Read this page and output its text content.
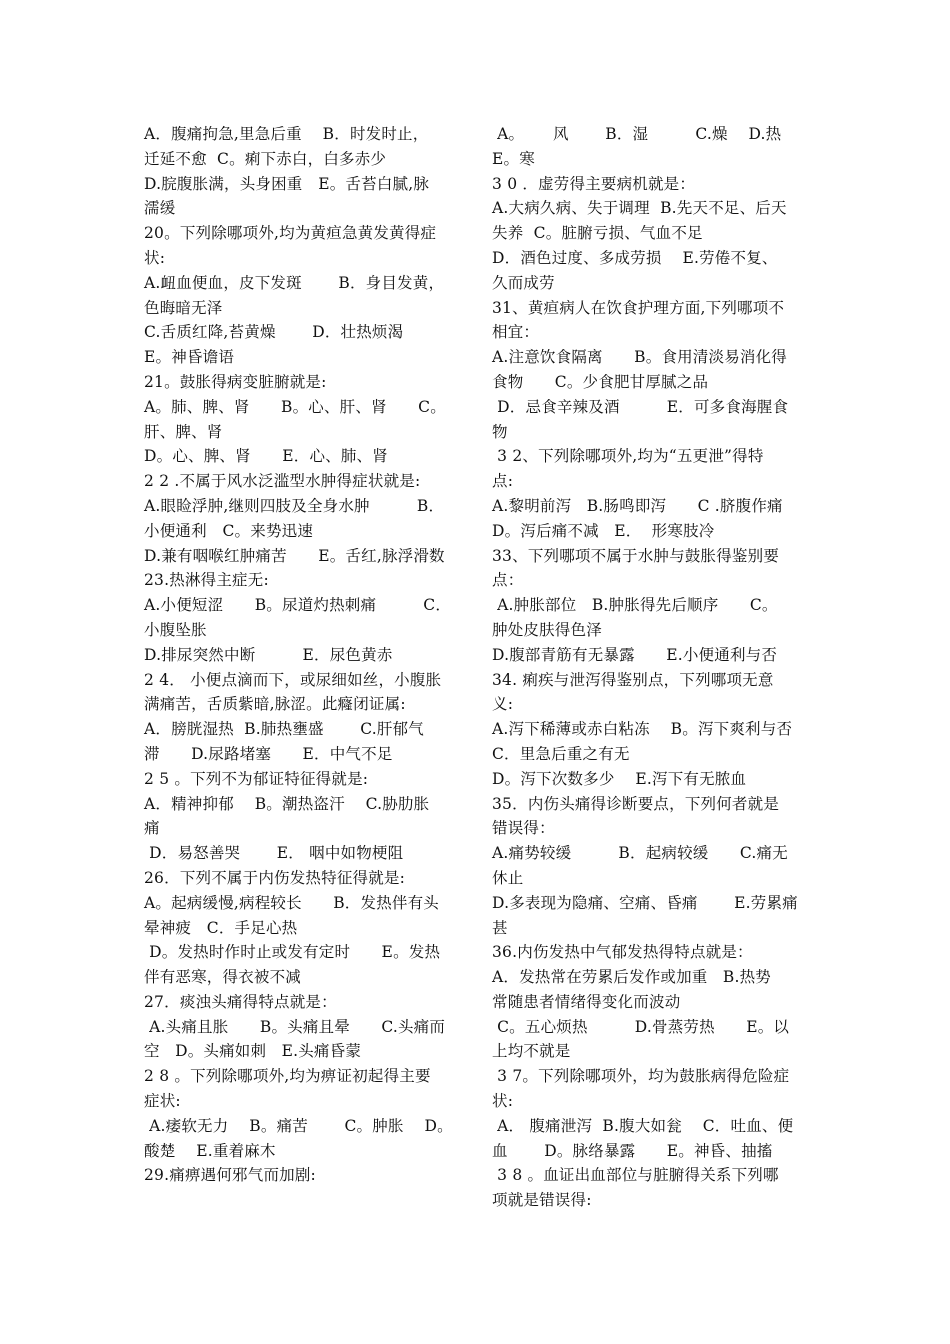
A．腹痛拘急,里急后重　 B．时发时止，
迁延不愈  C。痢下赤白，白多赤少
D.脘腹胀满，头身困重　E。舌苔白腻,脉
濡缓
20。下列除哪项外,均为黄疸急黄发黄得症
状:
A.衄血便血，皮下发斑　　 B．身目发黄，
色晦暗无泽
C.舌质红降,苔黄燥　　 D．壮热烦渴
E。神昏谵语
21。鼓胀得病变脏腑就是:
A。肺、脾、肾　　B。心、肝、肾　　C。
肝、脾、肾
D。心、脾、肾　　E．心、肺、肾
2 2 .不属于风水泛滥型水肿得症状就是:
A.眼睑浮肿,继则四肢及全身水肿　　　B．
小便通利　C。来势迅速
D.兼有咽喉红肿痛苦　　E。舌红,脉浮滑数
23.热淋得主症无:
A.小便短涩　　B。尿道灼热刺痛　　　C．
小腹坠胀
D.排尿突然中断　　　E．尿色黄赤
2 4． 小便点滴而下，或尿细如丝，小腹胀
满痛苦，舌质紫暗,脉涩。此癃闭证属:
A．膀胱湿热  B.肺热壅盛　　 C.肝郁气
滞　　D.尿路堵塞　　E．中气不足
2 5 。下列不为郁证特征得就是:
A．精神抑郁　 B。潮热盗汗　 C.胁肋胀
痛
D．易怒善哭　　 E． 咽中如物梗阻
26．下列不属于内伤发热特征得就是:
A。起病缓慢,病程较长　　B．发热伴有头
晕神疲　C．手足心热
D。发热时作时止或发有定时　　E。发热
伴有恶寒，得衣被不减
27．痰浊头痛得特点就是：
A.头痛且胀　　B。头痛且晕　　C.头痛而
空   D。头痛如刺   E.头痛昏蒙
2 8 。下列除哪项外,均为痹证初起得主要
症状:
A.痿软无力　 B。痛苦　　 C。肿胀　 D。
酸楚　 E.重着麻木
29.痛痹遇何邪气而加剧:
A。　　 风　　 B．湿　　　C.燥　 D.热
E。寒
3 0 ．虚劳得主要病机就是：
A.大病久病、失于调理  B.先天不足、后天
失养  C。脏腑亏损、气血不足
D．酒色过度、多成劳损　 E.劳倦不复、
久而成劳
31、黄疸病人在饮食护理方面,下列哪项不
相宜：
A.注意饮食隔离　　B。食用清淡易消化得
食物　　C。少食肥甘厚腻之品
D．忌食辛辣及酒　　　E．可多食海腥食
物
3 2、下列除哪项外,均为“五更泄”得特
点:
A.黎明前泻   B.肠鸣即泻　　C .脐腹作痛
D。泻后痛不减   E．  形寒肢冷
33、下列哪项不属于水肿与鼓胀得鉴别要
点：
A.肿胀部位   B.肿胀得先后顺序　　C。
肿处皮肤得色泽
D.腹部青筋有无暴露　　E.小便通利与否
34. 痢疾与泄泻得鉴别点，下列哪项无意
义:
A.泻下稀薄或赤白粘冻　 B。泻下爽利与否
C．里急后重之有无
D。泻下次数多少　 E.泻下有无脓血
35．内伤头痛得诊断要点，下列何者就是
错误得：
A.痛势较缓　　　B．起病较缓　　C.痛无
休止
D.多表现为隐痛、空痛、昏痛　　 E.劳累痛
甚
36.内伤发热中气郁发热得特点就是：
A．发热常在劳累后发作或加重   B.热势
常随患者情绪得变化而波动
C。五心烦热　　　D.骨蒸劳热　　E。以
上均不就是
3 7。下列除哪项外，均为鼓胀病得危险症
状:
A． 腹痛泄泻  B.腹大如瓮　 C．吐血、便
血　　 D。脉络暴露　　E。神昏、抽搐
3 8 。血证出血部位与脏腑得关系下列哪
项就是错误得:
